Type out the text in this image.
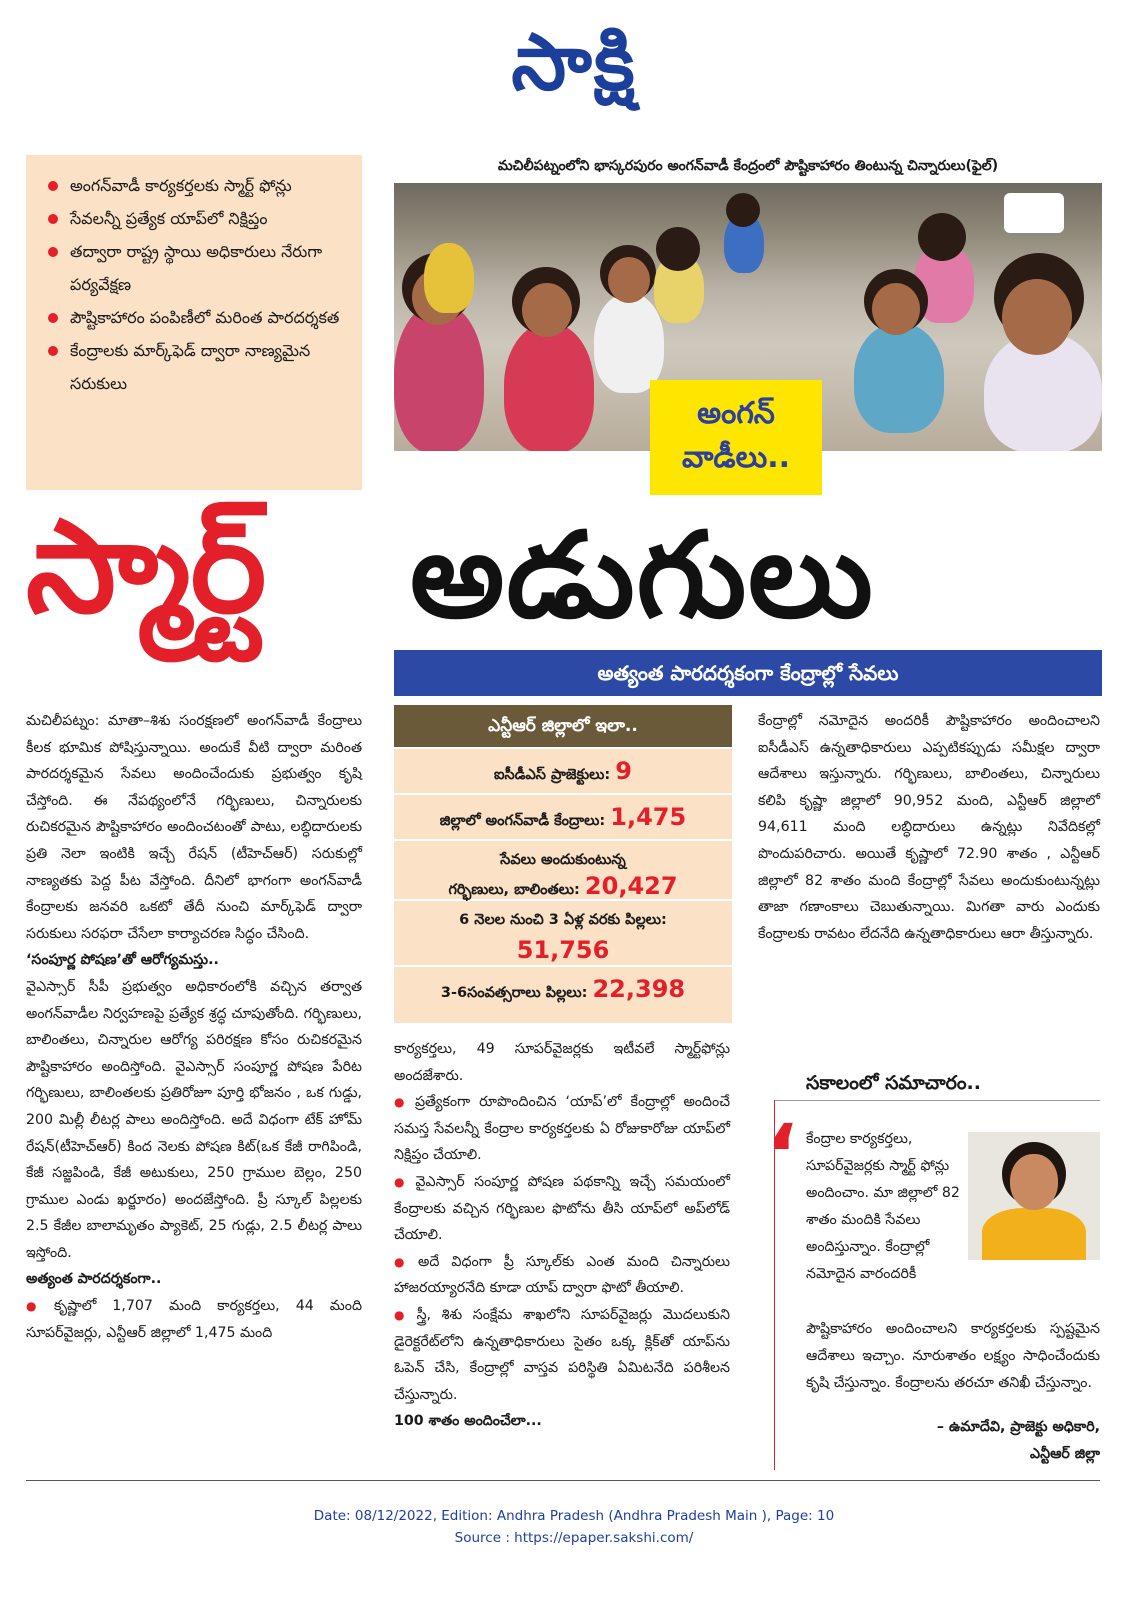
సాక్షి

అంగన్‌వాడీ కార్యకర్తలకు స్మార్ట్‌ ఫోన్లు

సేవలన్నీ ప్రత్యేక యాప్‌లో నిక్షిప్తం

తద్వారా రాష్ట్ర స్థాయి అధికారులు నేరుగా పర్యవేక్షణ

పౌష్టికాహారం పంపిణీలో మరింత పారదర్శకత

కేంద్రాలకు మార్క్‌ఫెడ్‌ ద్వారా నాణ్యమైన సరుకులు

మచిలీపట్నంలోని భాస్కరపురం అంగన్‌వాడీ కేంద్రంలో పౌష్టికాహారం తింటున్న చిన్నారులు(ఫైల్‌)
అంగన్‌
వాడీలు..
స్మార్ట్‌	అడుగులు
అత్యంత పారదర్శకంగా కేంద్రాల్లో సేవలు

మచిలీపట్నం: మాతా–శిశు సంరక్షణలో అంగన్‌వాడీ కేంద్రాలు కీలక భూమిక పోషిస్తున్నాయి. అందుకే వీటి ద్వారా మరింత పారదర్శకమైన సేవలు అందించేందుకు ప్రభుత్వం కృషి చేస్తోంది. ఈ నేపథ్యంలోనే గర్భిణులు, చిన్నారులకు రుచికరమైన పౌష్టికాహారం అందించటంతో పాటు, లబ్ధిదారులకు ప్రతి నెలా ఇంటికి ఇచ్చే రేషన్‌ (టీహెచ్‌ఆర్‌) సరుకుల్లో నాణ్యతకు పెద్ద పీట వేస్తోంది. దీనిలో భాగంగా అంగన్‌వాడీ కేంద్రాలకు జనవరి ఒకటో తేదీ నుంచి మార్క్‌ఫెడ్‌ ద్వారా సరుకులు సరఫరా చేసేలా కార్యాచరణ సిద్ధం చేసింది.

‘సంపూర్ణ పోషణ’తో ఆరోగ్యమస్తు..

వైఎస్సార్‌ సీపీ ప్రభుత్వం అధికారంలోకి వచ్చిన తర్వాత అంగన్‌వాడీల నిర్వహణపై ప్రత్యేక శ్రద్ధ చూపుతోంది. గర్భిణులు, బాలింతలు, చిన్నారుల ఆరోగ్య పరిరక్షణ కోసం రుచికరమైన పౌష్టికాహారం అందిస్తోంది. వైఎస్సార్‌ సంపూర్ణ పోషణ పేరిట గర్భిణులు, బాలింతలకు ప్రతిరోజూ పూర్తి భోజనం , ఒక గుడ్డు, 200 మిల్లీ లీటర్ల పాలు అందిస్తోంది. అదే విధంగా టేక్‌ హోమ్‌ రేషన్‌(టీహెచ్‌ఆర్‌) కింద నెలకు పోషణ కిట్‌(ఒక కేజీ రాగిపిండి, కేజీ సజ్జపిండి, కేజీ అటుకులు, 250 గ్రాముల బెల్లం, 250 గ్రాముల ఎండు ఖర్జూరం) అందజేస్తోంది. ప్రీ స్కూల్‌ పిల్లలకు 2.5 కేజీల బాలామృతం ప్యాకెట్‌, 25 గుడ్లు, 2.5 లీటర్ల పాలు ఇస్తోంది.

అత్యంత పారదర్శకంగా..

● కృష్ణాలో 1,707 మంది కార్యకర్తలు, 44 మంది సూపర్‌వైజర్లు, ఎన్టీఆర్‌ జిల్లాలో 1,475 మంది

ఎన్టీఆర్‌ జిల్లాలో ఇలా..
ఐసీడీఎస్‌ ప్రాజెక్టులు: 9
జిల్లాలో అంగన్‌వాడీ కేంద్రాలు: 1,475
సేవలు అందుకుంటున్న
గర్భిణులు, బాలింతలు: 20,427
6 నెలల నుంచి 3 ఏళ్ల వరకు పిల్లలు:
51,756
3-6సంవత్సరాలు పిల్లలు: 22,398

కార్యకర్తలు, 49 సూపర్‌వైజర్లకు ఇటీవలే స్మార్ట్‌ఫోన్లు అందజేశారు.

● ప్రత్యేకంగా రూపొందించిన ‘యాప్‌’లో కేంద్రాల్లో అందించే సమస్త సేవలన్నీ కేంద్రాల కార్యకర్తలకు ఏ రోజుకారోజు యాప్‌లో నిక్షిప్తం చేయాలి.

● వైఎస్సార్‌ సంపూర్ణ పోషణ పథకాన్ని ఇచ్చే సమయంలో కేంద్రాలకు వచ్చిన గర్భిణుల ఫొటోను తీసి యాప్‌లో అప్‌లోడ్‌ చేయాలి.

● అదే విధంగా ప్రీ స్కూల్‌కు ఎంత మంది చిన్నారులు హాజరయ్యారనేది కూడా యాప్‌ ద్వారా ఫొటో తీయాలి.

● స్త్రీ, శిశు సంక్షేమ శాఖలోని సూపర్‌వైజర్లు మొదలుకుని డైరెక్టరేట్‌లోని ఉన్నతాధికారులు సైతం ఒక్క క్లిక్‌తో యాప్‌ను ఓపెన్‌ చేసి, కేంద్రాల్లో వాస్తవ పరిస్థితి ఏమిటనేది పరిశీలన చేస్తున్నారు.

100 శాతం అందించేలా...

కేంద్రాల్లో నమోదైన అందరికీ పౌష్టికాహారం అందించాలని ఐసీడీఎస్‌ ఉన్నతాధికారులు ఎప్పటికప్పుడు సమీక్షల ద్వారా ఆదేశాలు ఇస్తున్నారు. గర్భిణులు, బాలింతలు, చిన్నారులు కలిపి కృష్ణా జిల్లాలో 90,952 మంది, ఎన్టీఆర్‌ జిల్లాలో 94,611 మంది లబ్ధిదారులు ఉన్నట్లు నివేదికల్లో పొందుపరిచారు. అయితే కృష్ణాలో 72.90 శాతం , ఎన్టీఆర్‌ జిల్లాలో 82 శాతం మంది కేంద్రాల్లో సేవలు అందుకుంటున్నట్లు తాజా గణాంకాలు చెబుతున్నాయి. మిగతా వారు ఎందుకు కేంద్రాలకు రావటం లేదనేది ఉన్నతాధికారులు ఆరా తీస్తున్నారు.

సకాలంలో సమాచారం..
‘ కేంద్రాల కార్యకర్తలు, సూపర్‌వైజర్లకు స్మార్ట్‌ ఫోన్లు అందించాం. మా జిల్లాలో 82 శాతం మందికి సేవలు అందిస్తున్నాం. కేంద్రాల్లో నమోదైన వారందరికీ
పౌష్టికాహారం అందించాలని కార్యకర్తలకు స్పష్టమైన ఆదేశాలు ఇచ్చాం. నూరుశాతం లక్ష్యం సాధించేందుకు కృషి చేస్తున్నాం. కేంద్రాలను తరచూ తనిఖీ చేస్తున్నాం.
– ఉమాదేవి, ప్రాజెక్టు అధికారి,
ఎన్టీఆర్‌ జిల్లా
Date: 08/12/2022, Edition: Andhra Pradesh (Andhra Pradesh Main ), Page: 10
Source : https://epaper.sakshi.com/
